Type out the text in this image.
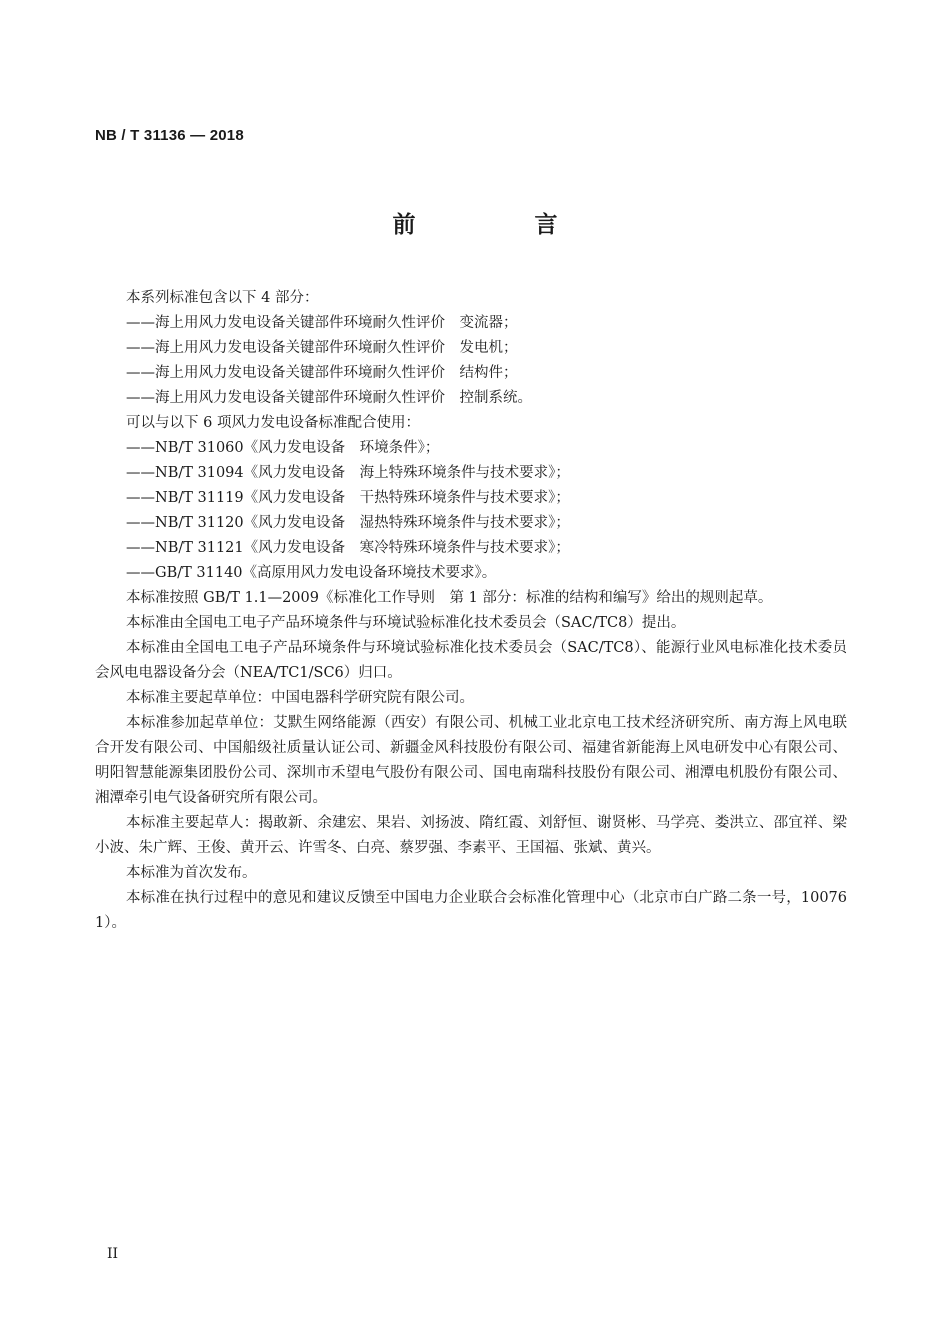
NB / T 31136 — 2018
前　言

本系列标准包含以下 4 部分：

——海上用风力发电设备关键部件环境耐久性评价　变流器；

——海上用风力发电设备关键部件环境耐久性评价　发电机；

——海上用风力发电设备关键部件环境耐久性评价　结构件；

——海上用风力发电设备关键部件环境耐久性评价　控制系统。

可以与以下 6 项风力发电设备标准配合使用：

——NB/T 31060《风力发电设备　环境条件》；

——NB/T 31094《风力发电设备　海上特殊环境条件与技术要求》；

——NB/T 31119《风力发电设备　干热特殊环境条件与技术要求》；

——NB/T 31120《风力发电设备　湿热特殊环境条件与技术要求》；

——NB/T 31121《风力发电设备　寒冷特殊环境条件与技术要求》；

——GB/T 31140《高原用风力发电设备环境技术要求》。

本标准按照 GB/T 1.1—2009《标准化工作导则　第 1 部分：标准的结构和编写》给出的规则起草。

本标准由全国电工电子产品环境条件与环境试验标准化技术委员会（SAC/TC8）提出。

本标准由全国电工电子产品环境条件与环境试验标准化技术委员会（SAC/TC8）、能源行业风电标准化技术委员会风电电器设备分会（NEA/TC1/SC6）归口。

本标准主要起草单位：中国电器科学研究院有限公司。

本标准参加起草单位：艾默生网络能源（西安）有限公司、机械工业北京电工技术经济研究所、南方海上风电联合开发有限公司、中国船级社质量认证公司、新疆金风科技股份有限公司、福建省新能海上风电研发中心有限公司、明阳智慧能源集团股份公司、深圳市禾望电气股份有限公司、国电南瑞科技股份有限公司、湘潭电机股份有限公司、湘潭牵引电气设备研究所有限公司。

本标准主要起草人：揭敢新、余建宏、果岩、刘扬波、隋红霞、刘舒恒、谢贤彬、马学亮、娄洪立、邵宜祥、梁小波、朱广辉、王俊、黄开云、许雪冬、白亮、蔡罗强、李素平、王国福、张斌、黄兴。

本标准为首次发布。

本标准在执行过程中的意见和建议反馈至中国电力企业联合会标准化管理中心（北京市白广路二条一号，100761）。

II
